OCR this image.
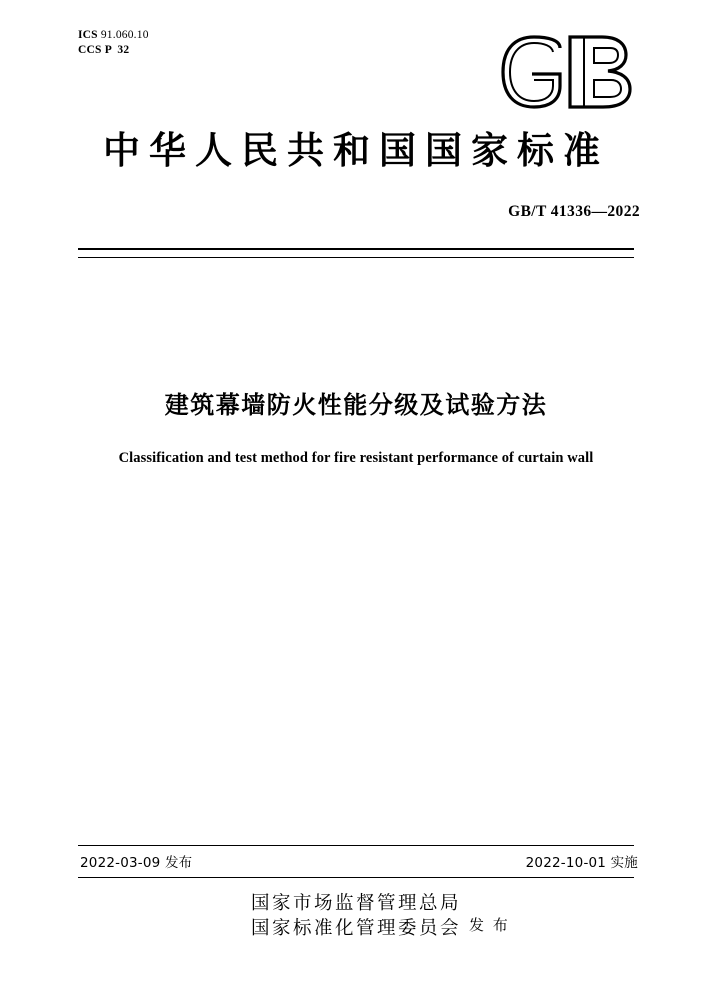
ICS 91.060.10
CCS P  32
中华人民共和国国家标准
GB/T 41336—2022
建筑幕墙防火性能分级及试验方法
Classification and test method for fire resistant performance of curtain wall
2022-03-09 发布	2022-10-01 实施
国家市场监督管理总局
国家标准化管理委员会 发 布
